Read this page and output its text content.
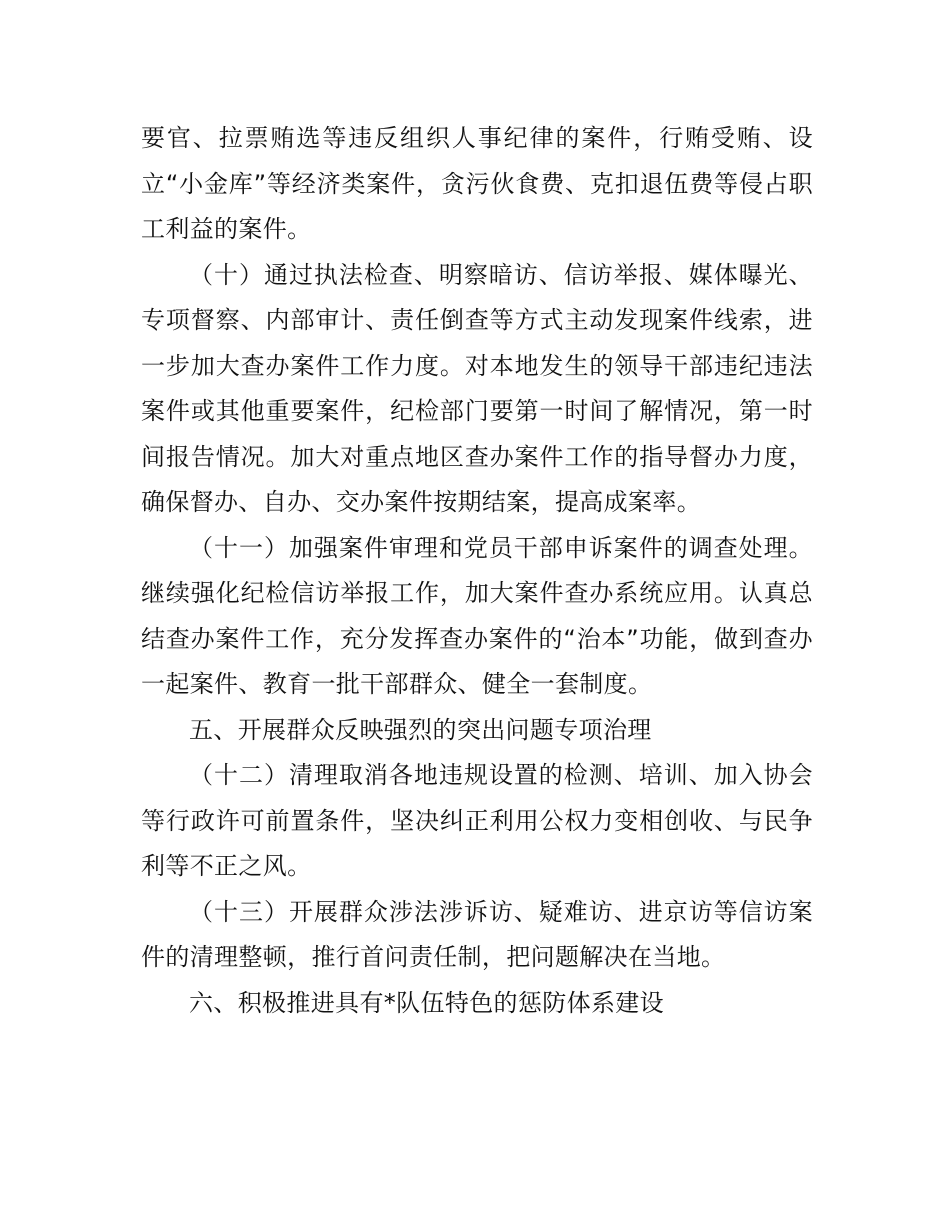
要官、拉票贿选等违反组织人事纪律的案件，行贿受贿、设立“小金库”等经济类案件，贪污伙食费、克扣退伍费等侵占职工利益的案件。

（十）通过执法检查、明察暗访、信访举报、媒体曝光、专项督察、内部审计、责任倒查等方式主动发现案件线索，进一步加大查办案件工作力度。对本地发生的领导干部违纪违法案件或其他重要案件，纪检部门要第一时间了解情况，第一时间报告情况。加大对重点地区查办案件工作的指导督办力度，确保督办、自办、交办案件按期结案，提高成案率。

（十一）加强案件审理和党员干部申诉案件的调查处理。继续强化纪检信访举报工作，加大案件查办系统应用。认真总结查办案件工作，充分发挥查办案件的“治本”功能，做到查办一起案件、教育一批干部群众、健全一套制度。

五、开展群众反映强烈的突出问题专项治理

（十二）清理取消各地违规设置的检测、培训、加入协会等行政许可前置条件，坚决纠正利用公权力变相创收、与民争利等不正之风。

（十三）开展群众涉法涉诉访、疑难访、进京访等信访案件的清理整顿，推行首问责任制，把问题解决在当地。

六、积极推进具有*队伍特色的惩防体系建设
